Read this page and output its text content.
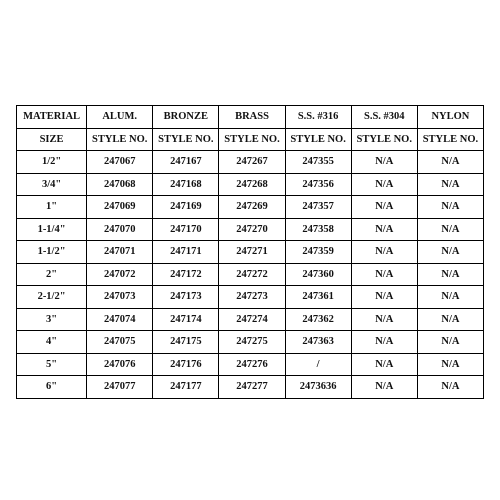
MATERIAL	ALUM.	BRONZE	BRASS	S.S. #316	S.S. #304	NYLON
SIZE	STYLE NO.	STYLE NO.	STYLE NO.	STYLE NO.	STYLE NO.	STYLE NO.
1/2"	247067	247167	247267	247355	N/A	N/A
3/4"	247068	247168	247268	247356	N/A	N/A
1"	247069	247169	247269	247357	N/A	N/A
1-1/4"	247070	247170	247270	247358	N/A	N/A
1-1/2"	247071	247171	247271	247359	N/A	N/A
2"	247072	247172	247272	247360	N/A	N/A
2-1/2"	247073	247173	247273	247361	N/A	N/A
3"	247074	247174	247274	247362	N/A	N/A
4"	247075	247175	247275	247363	N/A	N/A
5"	247076	247176	247276	/	N/A	N/A
6"	247077	247177	247277	2473636	N/A	N/A
